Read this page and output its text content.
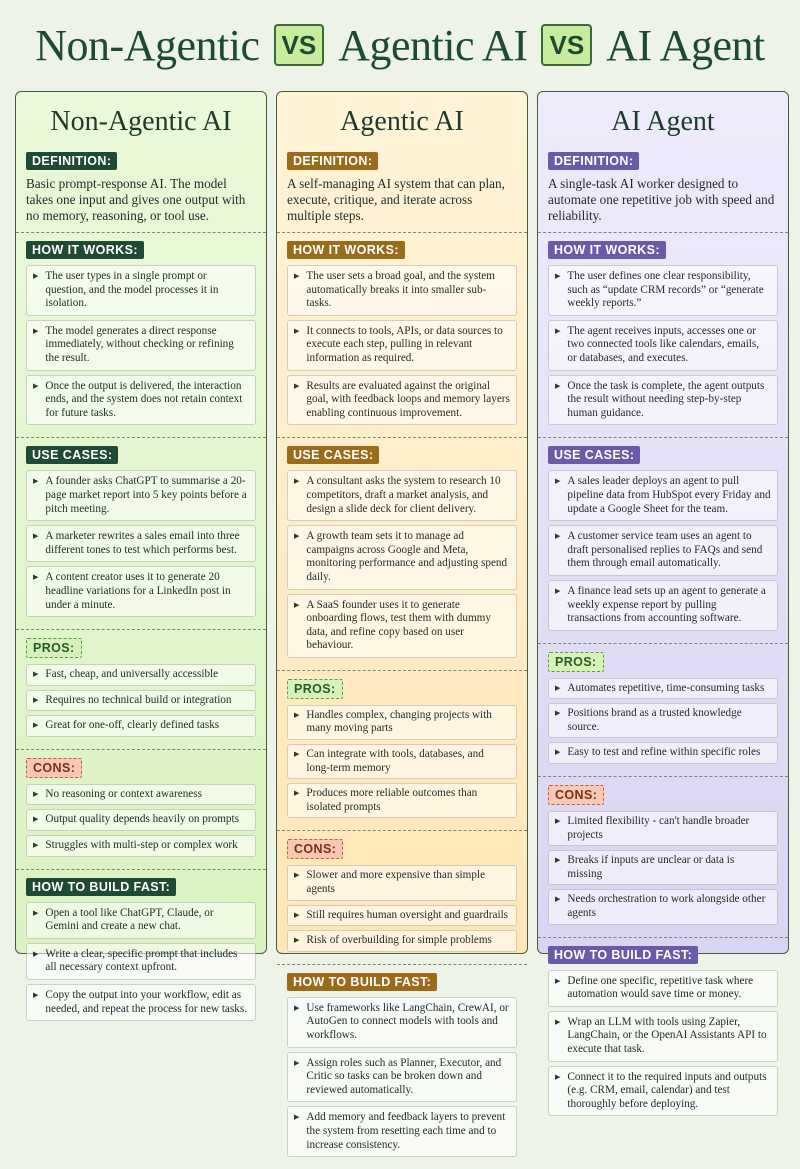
Non-Agentic VS Agentic AI VS AI Agent
Non-Agentic AI
DEFINITION:
Basic prompt-response AI. The model takes one input and gives one output with no memory, reasoning, or tool use.
HOW IT WORKS:
▶ The user types in a single prompt or question, and the model processes it in isolation.
▶ The model generates a direct response immediately, without checking or refining the result.
▶ Once the output is delivered, the interaction ends, and the system does not retain context for future tasks.
USE CASES:
▶ A founder asks ChatGPT to summarise a 20-page market report into 5 key points before a pitch meeting.
▶ A marketer rewrites a sales email into three different tones to test which performs best.
▶ A content creator uses it to generate 20 headline variations for a LinkedIn post in under a minute.
PROS:
▶ Fast, cheap, and universally accessible
▶ Requires no technical build or integration
▶ Great for one-off, clearly defined tasks
CONS:
▶ No reasoning or context awareness
▶ Output quality depends heavily on prompts
▶ Struggles with multi-step or complex work
HOW TO BUILD FAST:
▶ Open a tool like ChatGPT, Claude, or Gemini and create a new chat.
▶ Write a clear, specific prompt that includes all necessary context upfront.
▶ Copy the output into your workflow, edit as needed, and repeat the process for new tasks.
Agentic AI
DEFINITION:
A self-managing AI system that can plan, execute, critique, and iterate across multiple steps.
HOW IT WORKS:
▶ The user sets a broad goal, and the system automatically breaks it into smaller sub-tasks.
▶ It connects to tools, APIs, or data sources to execute each step, pulling in relevant information as required.
▶ Results are evaluated against the original goal, with feedback loops and memory layers enabling continuous improvement.
USE CASES:
▶ A consultant asks the system to research 10 competitors, draft a market analysis, and design a slide deck for client delivery.
▶ A growth team sets it to manage ad campaigns across Google and Meta, monitoring performance and adjusting spend daily.
▶ A SaaS founder uses it to generate onboarding flows, test them with dummy data, and refine copy based on user behaviour.
PROS:
▶ Handles complex, changing projects with many moving parts
▶ Can integrate with tools, databases, and long-term memory
▶ Produces more reliable outcomes than isolated prompts
CONS:
▶ Slower and more expensive than simple agents
▶ Still requires human oversight and guardrails
▶ Risk of overbuilding for simple problems
HOW TO BUILD FAST:
▶ Use frameworks like LangChain, CrewAI, or AutoGen to connect models with tools and workflows.
▶ Assign roles such as Planner, Executor, and Critic so tasks can be broken down and reviewed automatically.
▶ Add memory and feedback layers to prevent the system from resetting each time and to increase consistency.
AI Agent
DEFINITION:
A single-task AI worker designed to automate one repetitive job with speed and reliability.
HOW IT WORKS:
▶ The user defines one clear responsibility, such as “update CRM records” or “generate weekly reports.”
▶ The agent receives inputs, accesses one or two connected tools like calendars, emails, or databases, and executes.
▶ Once the task is complete, the agent outputs the result without needing step-by-step human guidance.
USE CASES:
▶ A sales leader deploys an agent to pull pipeline data from HubSpot every Friday and update a Google Sheet for the team.
▶ A customer service team uses an agent to draft personalised replies to FAQs and send them through email automatically.
▶ A finance lead sets up an agent to generate a weekly expense report by pulling transactions from accounting software.
PROS:
▶ Automates repetitive, time-consuming tasks
▶ Positions brand as a trusted knowledge source.
▶ Easy to test and refine within specific roles
CONS:
▶ Limited flexibility - can't handle broader projects
▶ Breaks if inputs are unclear or data is missing
▶ Needs orchestration to work alongside other agents
HOW TO BUILD FAST:
▶ Define one specific, repetitive task where automation would save time or money.
▶ Wrap an LLM with tools using Zapier, LangChain, or the OpenAI Assistants API to execute that task.
▶ Connect it to the required inputs and outputs (e.g. CRM, email, calendar) and test thoroughly before deploying.
